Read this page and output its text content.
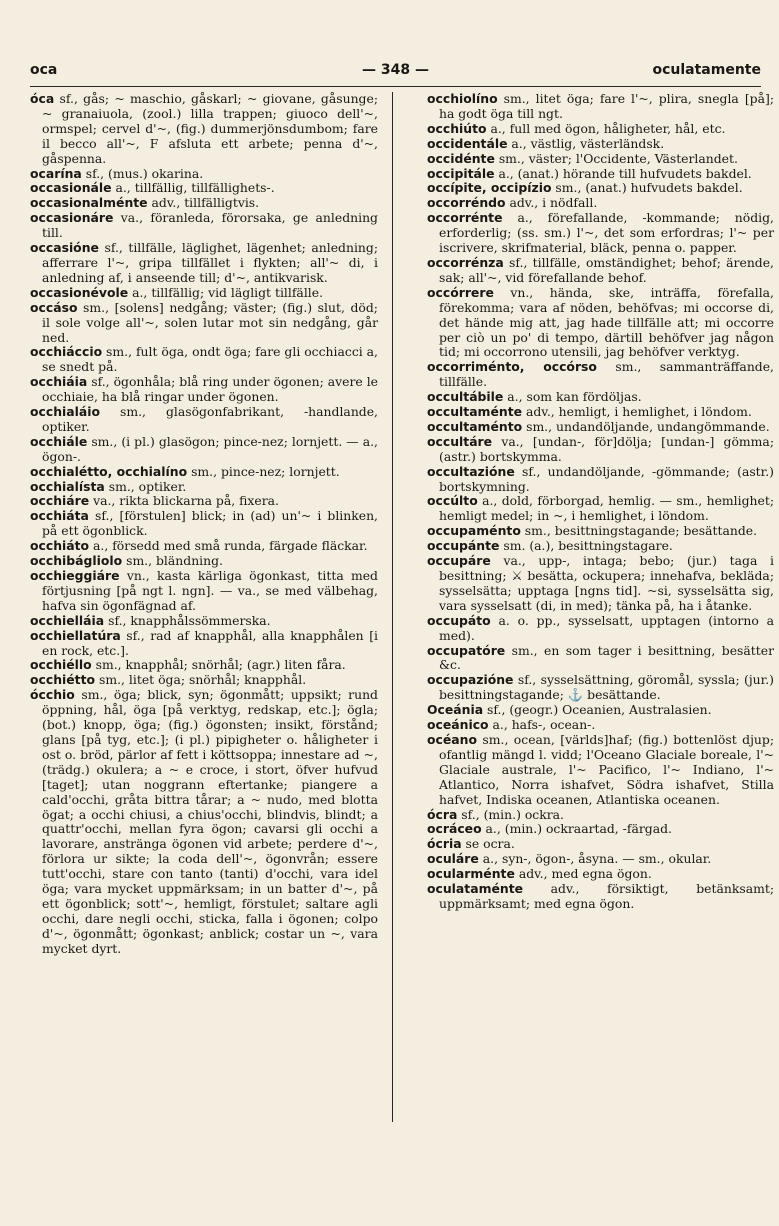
oca	— 348 —	oculatamente

óca sf., gås; ~ maschio, gåskarl; ~ giovane, gåsunge; ~ granaiuola, (zool.) lilla trappen; giuoco dell'~, ormspel; cervel d'~, (fig.) dummerjönsdumbom; fare il becco all'~, F afsluta ett arbete; penna d'~, gåspenna.

ocarína sf., (mus.) okarina.

occasionále a., tillfällig, tillfällighets-.

occasionalménte adv., tillfälligtvis.

occasionáre va., föranleda, förorsaka, ge anledning till.

occasióne sf., tillfälle, läglighet, lägenhet; anledning; afferrare l'~, gripa tillfället i flykten; all'~ di, i anledning af, i anseende till; d'~, antikvarisk.

occasionévole a., tillfällig; vid lägligt tillfälle.

occáso sm., [solens] nedgång; väster; (fig.) slut, död; il sole volge all'~, solen lutar mot sin nedgång, går ned.

occhiáccio sm., fult öga, ondt öga; fare gli occhiacci a, se snedt på.

occhiáia sf., ögonhåla; blå ring under ögonen; avere le occhiaie, ha blå ringar under ögonen.

occhialáio sm., glasögonfabrikant, -handlande, optiker.

occhiále sm., (i pl.) glasögon; pince-nez; lornjett. — a., ögon-.

occhialétto, occhialíno sm., pince-nez; lornjett.

occhialísta sm., optiker.

occhiáre va., rikta blickarna på, fixera.

occhiáta sf., [förstulen] blick; in (ad) un'~ i blinken, på ett ögonblick.

occhiáto a., försedd med små runda, färgade fläckar.

occhibágliolo sm., bländning.

occhieggiáre vn., kasta kärliga ögonkast, titta med förtjusning [på ngt l. ngn]. — va., se med välbehag, hafva sin ögonfägnad af.

occhielláia sf., knapphålssömmerska.

occhiellatúra sf., rad af knapphål, alla knapphålen [i en rock, etc.].

occhiéllo sm., knapphål; snörhål; (agr.) liten fåra.

occhiétto sm., litet öga; snörhål; knapphål.

ócchio sm., öga; blick, syn; ögonmått; uppsikt; rund öppning, hål, öga [på verktyg, redskap, etc.]; ögla; (bot.) knopp, öga; (fig.) ögonsten; insikt, förstånd; glans [på tyg, etc.]; (i pl.) pipigheter o. håligheter i ost o. bröd, pärlor af fett i köttsoppa; innestare ad ~, (trädg.) okulera; a ~ e croce, i stort, öfver hufvud [taget]; utan noggrann eftertanke; piangere a cald'occhi, gråta bittra tårar; a ~ nudo, med blotta ögat; a occhi chiusi, a chius'occhi, blindvis, blindt; a quattr'occhi, mellan fyra ögon; cavarsi gli occhi a lavorare, anstränga ögonen vid arbete; perdere d'~, förlora ur sikte; la coda dell'~, ögonvrån; essere tutt'occhi, stare con tanto (tanti) d'occhi, vara idel öga; vara mycket uppmärksam; in un batter d'~, på ett ögonblick; sott'~, hemligt, förstulet; saltare agli occhi, dare negli occhi, sticka, falla i ögonen; colpo d'~, ögonmått; ögonkast; anblick; costar un ~, vara mycket dyrt.

occhiolíno sm., litet öga; fare l'~, plira, snegla [på]; ha godt öga till ngt.

occhiúto a., full med ögon, håligheter, hål, etc.

occidentále a., västlig, västerländsk.

occidénte sm., väster; l'Occidente, Västerlandet.

occipitále a., (anat.) hörande till hufvudets bakdel.

occípite, occipízio sm., (anat.) hufvudets bakdel.

occorréndo adv., i nödfall.

occorrénte a., förefallande, -kommande; nödig, erforderlig; (ss. sm.) l'~, det som erfordras; l'~ per iscrivere, skrifmaterial, bläck, penna o. papper.

occorrénza sf., tillfälle, omständighet; behof; ärende, sak; all'~, vid förefallande behof.

occórrere vn., hända, ske, inträffa, förefalla, förekomma; vara af nöden, behöfvas; mi occorse di, det hände mig att, jag hade tillfälle att; mi occorre per ciò un po' di tempo, därtill behöfver jag någon tid; mi occorrono utensili, jag behöfver verktyg.

occorriménto, occórso sm., sammanträffande, tillfälle.

occultábile a., som kan fördöljas.

occultaménte adv., hemligt, i hemlighet, i löndom.

occultaménto sm., undandöljande, undangömmande.

occultáre va., [undan-, för]dölja; [undan-] gömma; (astr.) bortskymma.

occultazióne sf., undandöljande, -gömmande; (astr.) bortskymning.

occúlto a., dold, förborgad, hemlig. — sm., hemlighet; hemligt medel; in ~, i hemlighet, i löndom.

occupaménto sm., besittningstagande; besättande.

occupánte sm. (a.), besittningstagare.

occupáre va., upp-, intaga; bebo; (jur.) taga i besittning; ⚔ besätta, ockupera; innehafva, bekläda; sysselsätta; upptaga [ngns tid]. ~si, sysselsätta sig, vara sysselsatt (di, in med); tänka på, ha i åtanke.

occupáto a. o. pp., sysselsatt, upptagen (intorno a med).

occupatóre sm., en som tager i besittning, besätter &c.

occupazióne sf., sysselsättning, göromål, syssla; (jur.) besittningstagande; ⚓ besättande.

Oceánia sf., (geogr.) Oceanien, Australasien.

oceánico a., hafs-, ocean-.

océano sm., ocean, [världs]haf; (fig.) bottenlöst djup; ofantlig mängd l. vidd; l'Oceano Glaciale boreale, l'~ Glaciale australe, l'~ Pacifico, l'~ Indiano, l'~ Atlantico, Norra ishafvet, Södra ishafvet, Stilla hafvet, Indiska oceanen, Atlantiska oceanen.

ócra sf., (min.) ockra.

ocráceo a., (min.) ockraartad, -färgad.

ócria se ocra.

oculáre a., syn-, ögon-, åsyna. — sm., okular.

ocularménte adv., med egna ögon.

oculataménte adv., försiktigt, betänksamt; uppmärksamt; med egna ögon.
